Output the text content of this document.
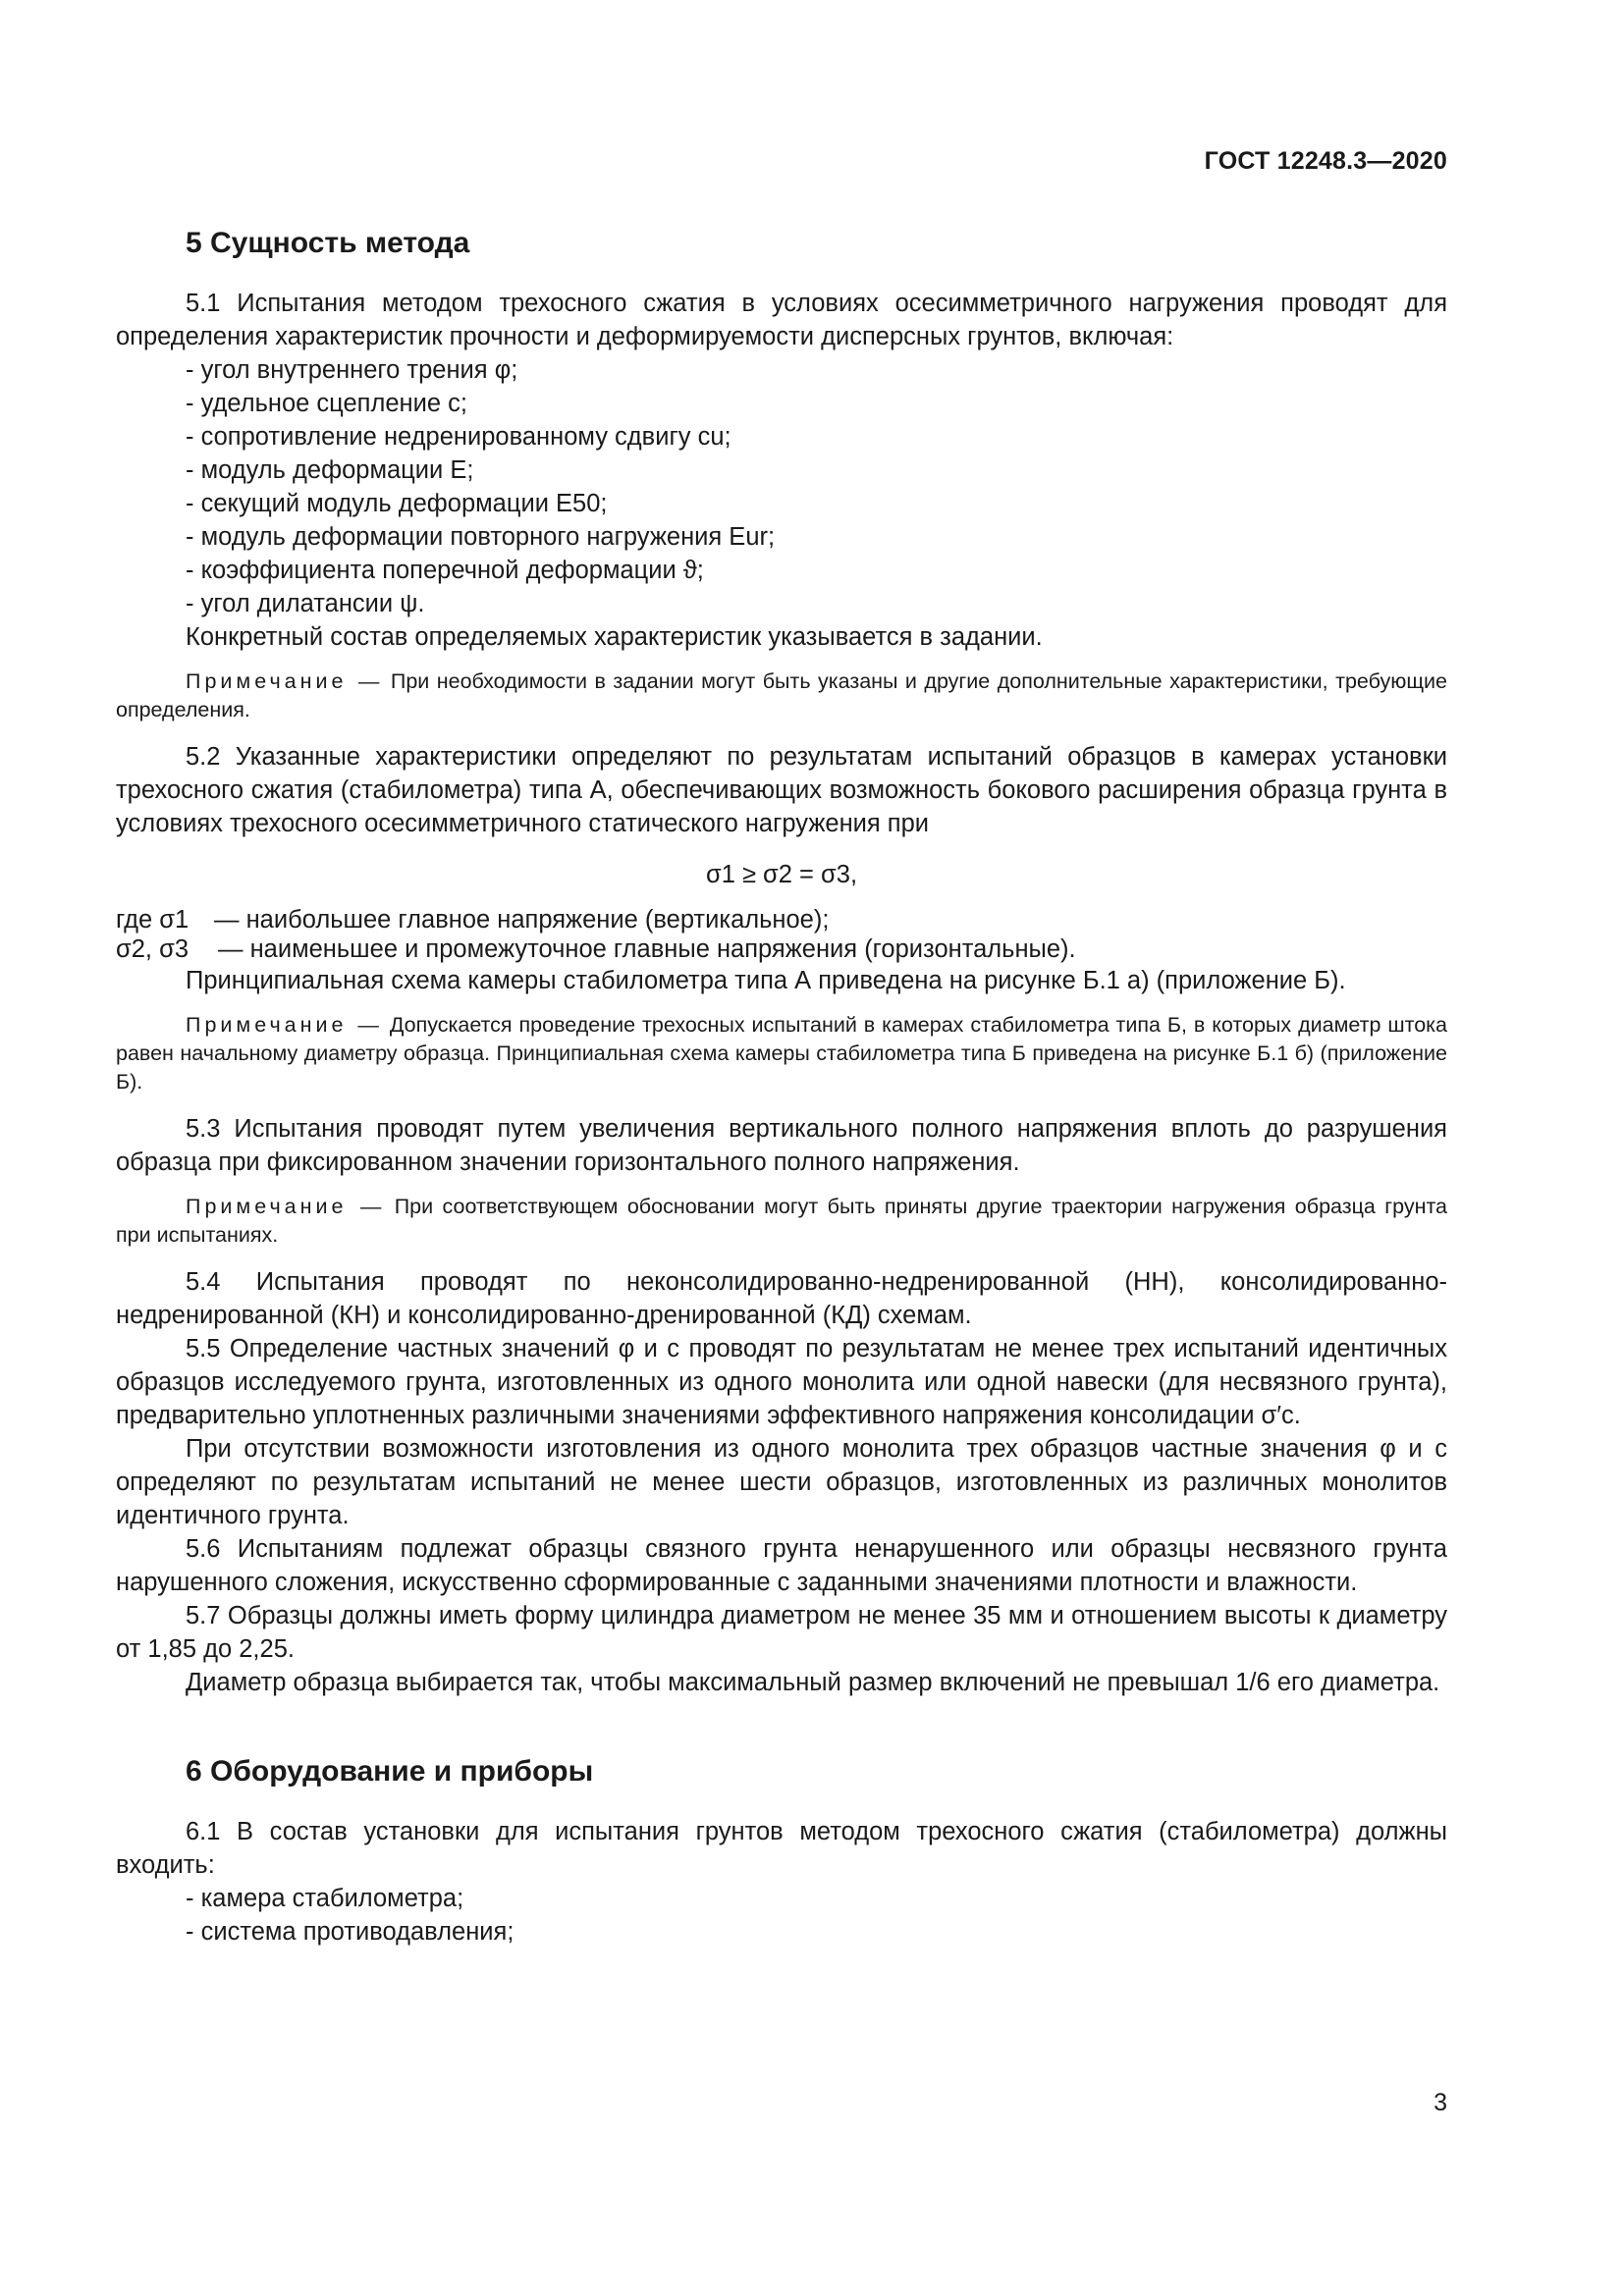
ГОСТ 12248.3—2020
5 Сущность метода

5.1 Испытания методом трехосного сжатия в условиях осесимметричного нагружения проводят для определения характеристик прочности и деформируемости дисперсных грунтов, включая:

- угол внутреннего трения φ;
- удельное сцепление c;
- сопротивление недренированному сдвигу cu;
- модуль деформации E;
- секущий модуль деформации E50;
- модуль деформации повторного нагружения Eur;
- коэффициента поперечной деформации ϑ;
- угол дилатансии ψ.

Конкретный состав определяемых характеристик указывается в задании.

Примечание — При необходимости в задании могут быть указаны и другие дополнительные характеристики, требующие определения.

5.2 Указанные характеристики определяют по результатам испытаний образцов в камерах установки трехосного сжатия (стабилометра) типа А, обеспечивающих возможность бокового расширения образца грунта в условиях трехосного осесимметричного статического нагружения при

σ1 ≥ σ2 = σ3,
где σ1 — наибольшее главное напряжение (вертикальное);
σ2, σ3 — наименьшее и промежуточное главные напряжения (горизонтальные).

Принципиальная схема камеры стабилометра типа А приведена на рисунке Б.1 а) (приложение Б).

Примечание — Допускается проведение трехосных испытаний в камерах стабилометра типа Б, в которых диаметр штока равен начальному диаметру образца. Принципиальная схема камеры стабилометра типа Б приведена на рисунке Б.1 б) (приложение Б).

5.3 Испытания проводят путем увеличения вертикального полного напряжения вплоть до разрушения образца при фиксированном значении горизонтального полного напряжения.

Примечание — При соответствующем обосновании могут быть приняты другие траектории нагружения образца грунта при испытаниях.

5.4 Испытания проводят по неконсолидированно-недренированной (НН), консолидированно-недренированной (КН) и консолидированно-дренированной (КД) схемам.

5.5 Определение частных значений φ и c проводят по результатам не менее трех испытаний идентичных образцов исследуемого грунта, изготовленных из одного монолита или одной навески (для несвязного грунта), предварительно уплотненных различными значениями эффективного напряжения консолидации σ′c.

При отсутствии возможности изготовления из одного монолита трех образцов частные значения φ и c определяют по результатам испытаний не менее шести образцов, изготовленных из различных монолитов идентичного грунта.

5.6 Испытаниям подлежат образцы связного грунта ненарушенного или образцы несвязного грунта нарушенного сложения, искусственно сформированные с заданными значениями плотности и влажности.

5.7 Образцы должны иметь форму цилиндра диаметром не менее 35 мм и отношением высоты к диаметру от 1,85 до 2,25.

Диаметр образца выбирается так, чтобы максимальный размер включений не превышал 1/6 его диаметра.

6 Оборудование и приборы

6.1 В состав установки для испытания грунтов методом трехосного сжатия (стабилометра) должны входить:

- камера стабилометра;
- система противодавления;
3
